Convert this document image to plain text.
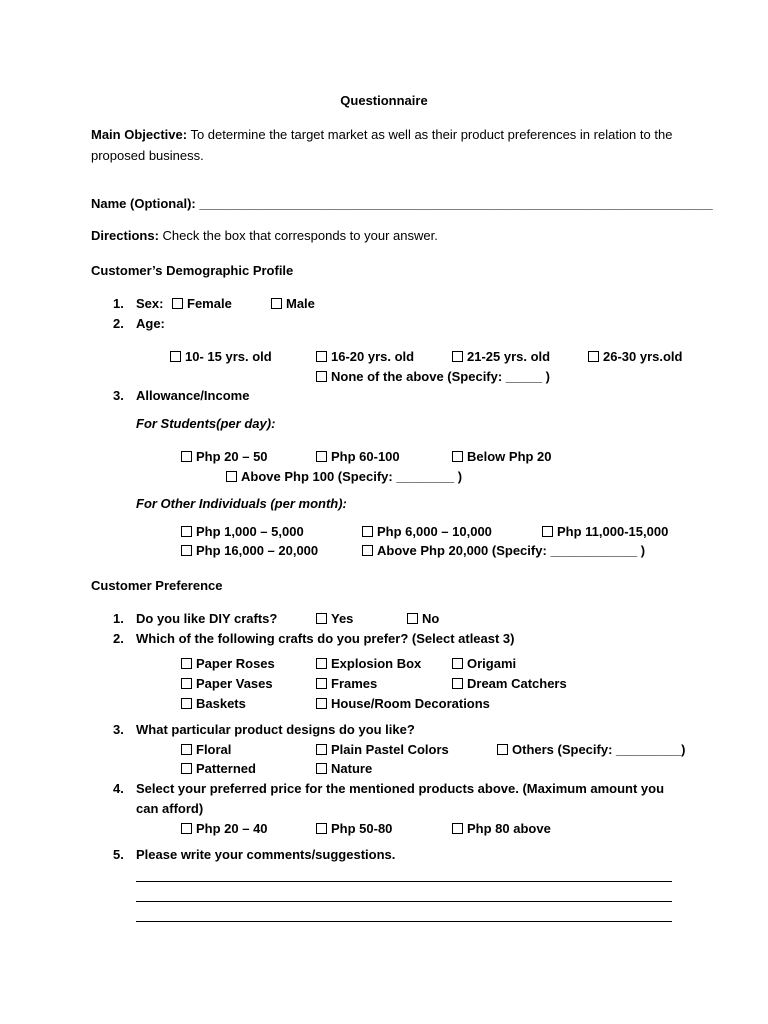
Questionnaire
Main Objective: To determine the target market as well as their product preferences in relation to the proposed business.
Name (Optional): _______________________________________________________________________
Directions: Check the box that corresponds to your answer.
Customer’s Demographic Profile
1. Sex:	Female	Male
2. Age:
10- 15 yrs. old	16-20 yrs. old	21-25 yrs. old	26-30 yrs.old
None of the above (Specify: _____ )
3. Allowance/Income
For Students(per day):
Php 20 – 50	Php 60-100	Below Php 20
Above Php 100 (Specify: ________ )
For Other Individuals (per month):
Php 1,000 – 5,000	Php 6,000 – 10,000	Php 11,000-15,000
Php 16,000 – 20,000	Above Php 20,000 (Specify: ____________ )
Customer Preference
1. Do you like DIY crafts?	Yes	No
2. Which of the following crafts do you prefer? (Select atleast 3)
Paper Roses	Explosion Box	Origami
Paper Vases	Frames	Dream Catchers
Baskets	House/Room Decorations
3. What particular product designs do you like?
Floral	Plain Pastel Colors	Others (Specify: _________)
Patterned	Nature
4. Select your preferred price for the mentioned products above. (Maximum amount you can afford)
Php 20 – 40	Php 50-80	Php 80 above
5. Please write your comments/suggestions.
